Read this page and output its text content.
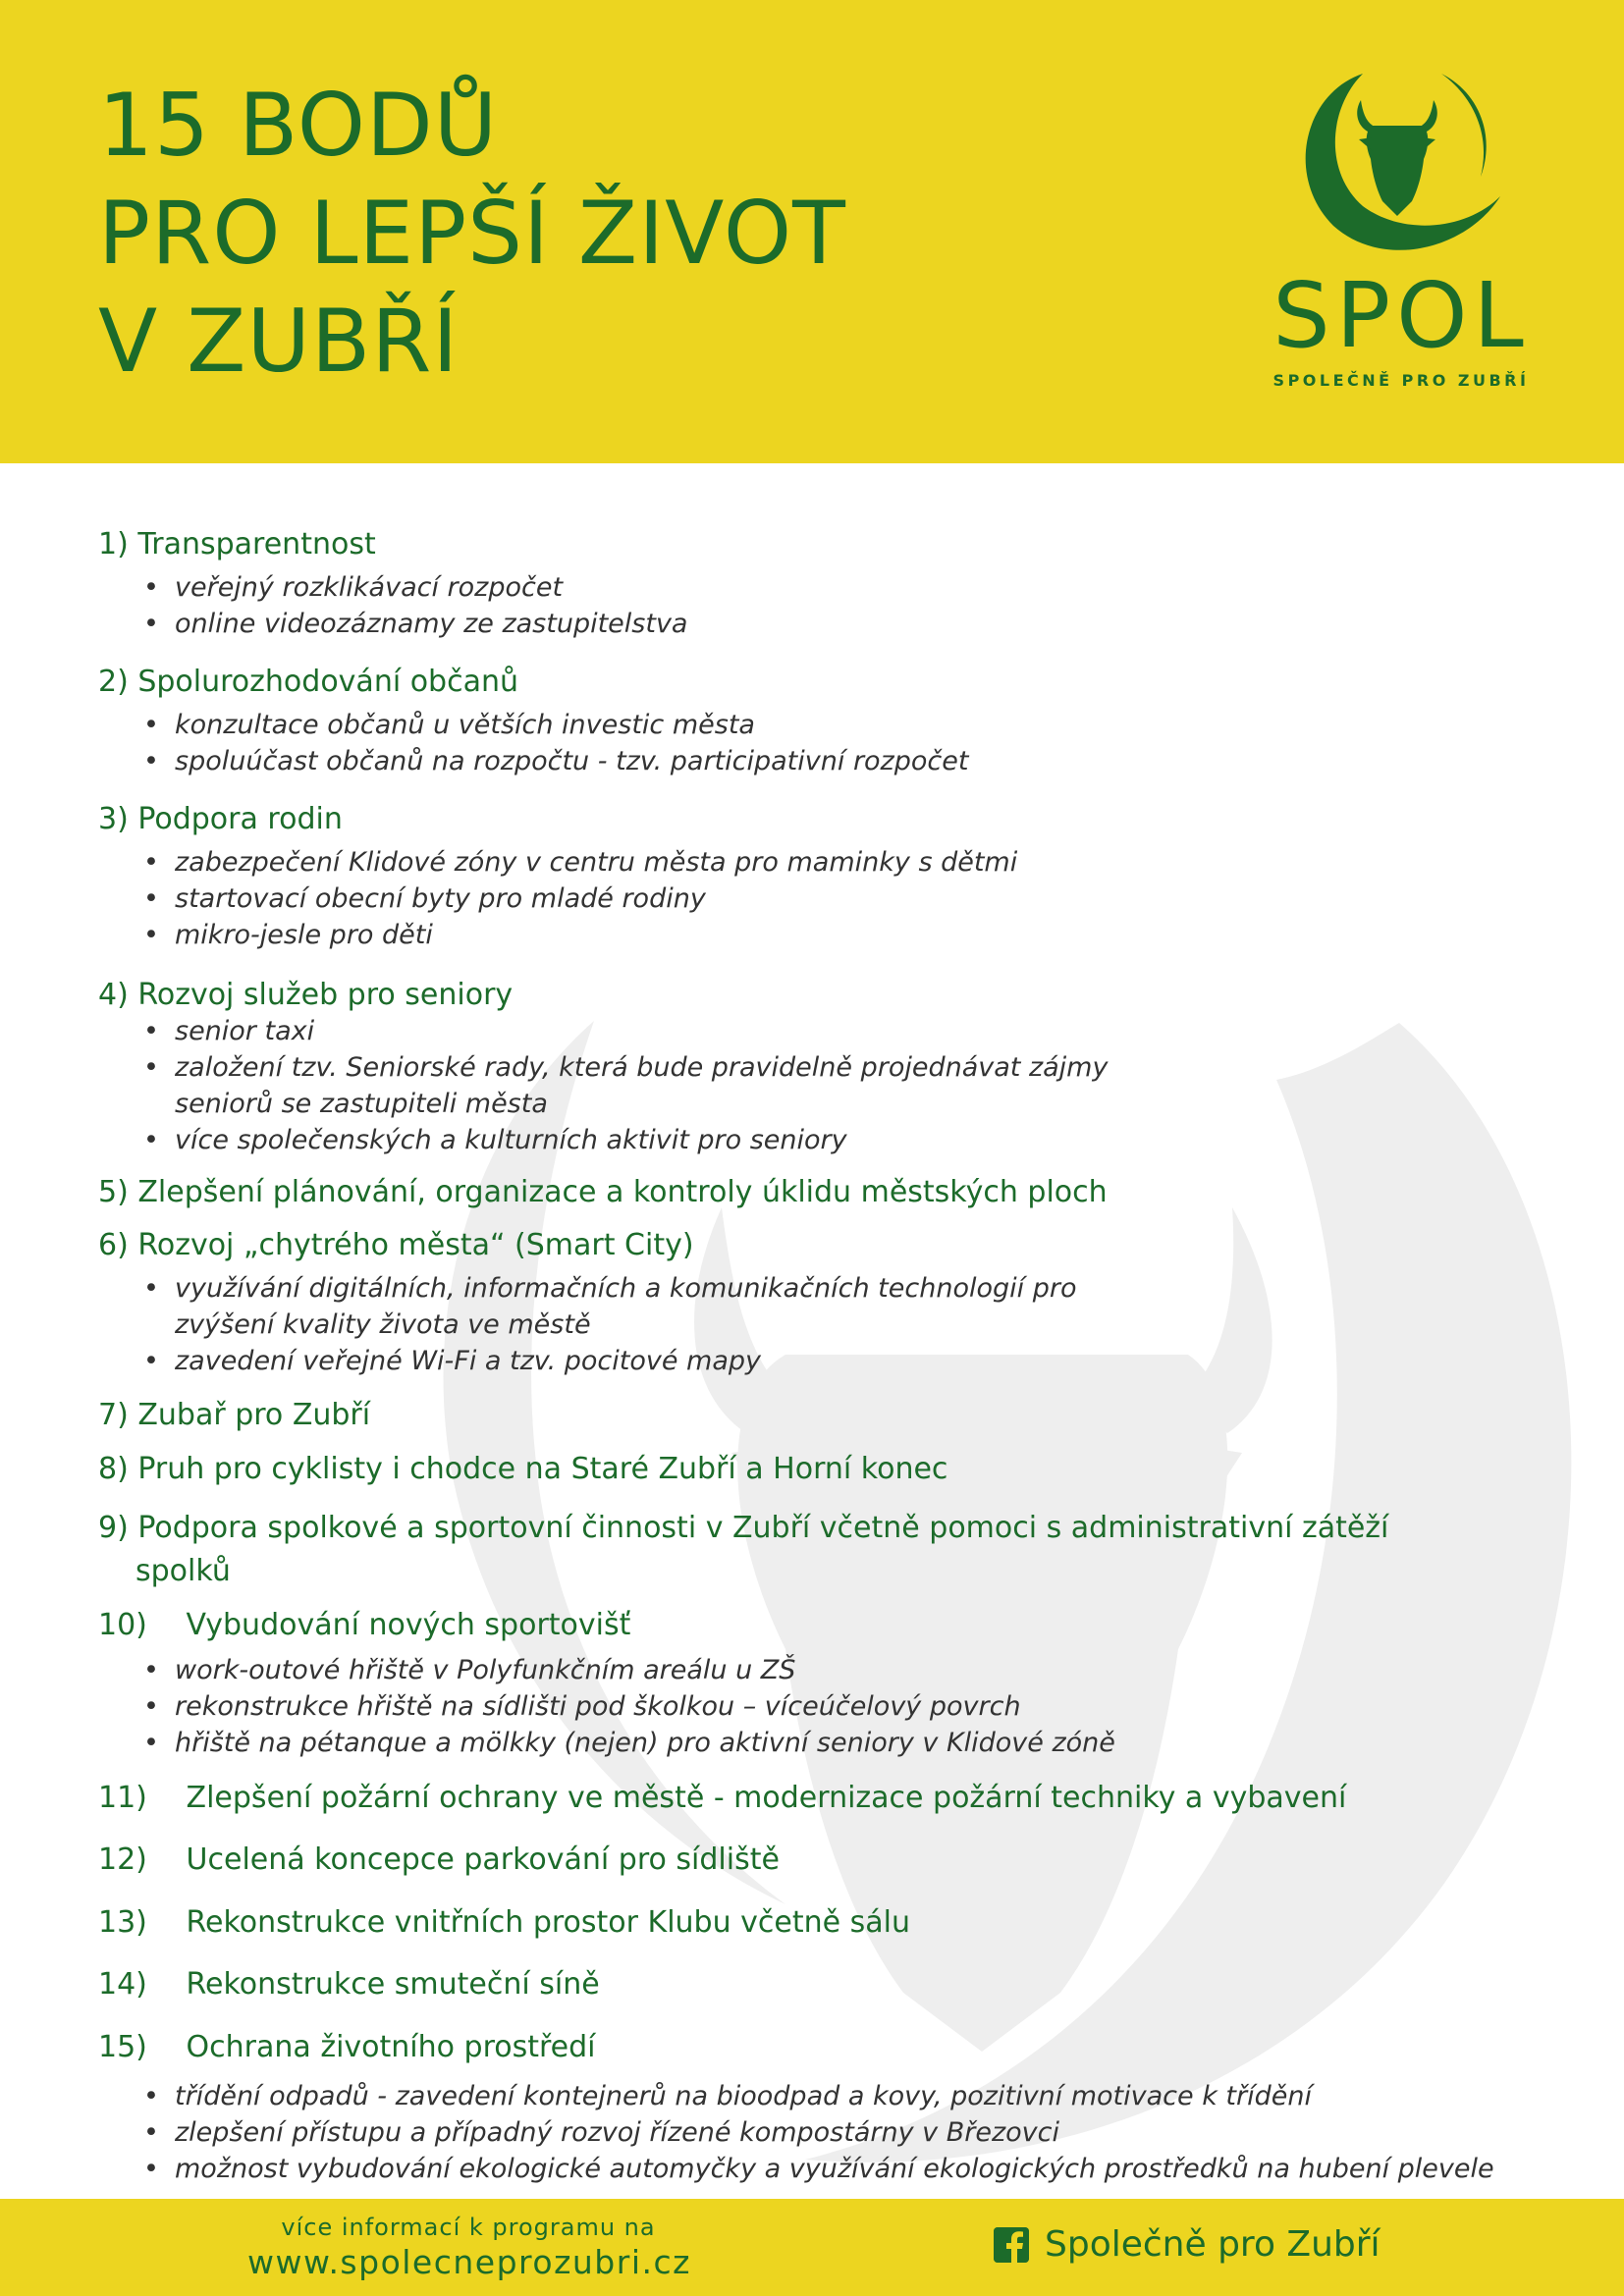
15 BODŮ
PRO LEPŠÍ ŽIVOT
V ZUBŘÍ	SPOL
SPOLEČNĚ PRO ZUBŘÍ
1) Transparentnost
• veřejný rozklikávací rozpočet
• online videozáznamy ze zastupitelstva
2) Spolurozhodování občanů
• konzultace občanů u větších investic města
• spoluúčast občanů na rozpočtu - tzv. participativní rozpočet
3) Podpora rodin
• zabezpečení Klidové zóny v centru města pro maminky s dětmi
• startovací obecní byty pro mladé rodiny
• mikro-jesle pro děti
4) Rozvoj služeb pro seniory
• senior taxi
• založení tzv. Seniorské rady, která bude pravidelně projednávat zájmy
seniorů se zastupiteli města
• více společenských a kulturních aktivit pro seniory
5) Zlepšení plánování, organizace a kontroly úklidu městských ploch
6) Rozvoj „chytrého města“ (Smart City)
• využívání digitálních, informačních a komunikačních technologií pro
zvýšení kvality života ve městě
• zavedení veřejné Wi-Fi a tzv. pocitové mapy
7) Zubař pro Zubří
8) Pruh pro cyklisty i chodce na Staré Zubří a Horní konec
9) Podpora spolkové a sportovní činnosti v Zubří včetně pomoci s administrativní zátěží
spolků
10) Vybudování nových sportovišť
• work-outové hřiště v Polyfunkčním areálu u ZŠ
• rekonstrukce hřiště na sídlišti pod školkou – víceúčelový povrch
• hřiště na pétanque a mölkky (nejen) pro aktivní seniory v Klidové zóně
11) Zlepšení požární ochrany ve městě - modernizace požární techniky a vybavení
12) Ucelená koncepce parkování pro sídliště
13) Rekonstrukce vnitřních prostor Klubu včetně sálu
14) Rekonstrukce smuteční síně
15) Ochrana životního prostředí
• třídění odpadů - zavedení kontejnerů na bioodpad a kovy, pozitivní motivace k třídění
• zlepšení přístupu a případný rozvoj řízené kompostárny v Březovci
• možnost vybudování ekologické automyčky a využívání ekologických prostředků na hubení plevele
více informací k programu na
www.spolecneprozubri.cz	Společně pro Zubří
